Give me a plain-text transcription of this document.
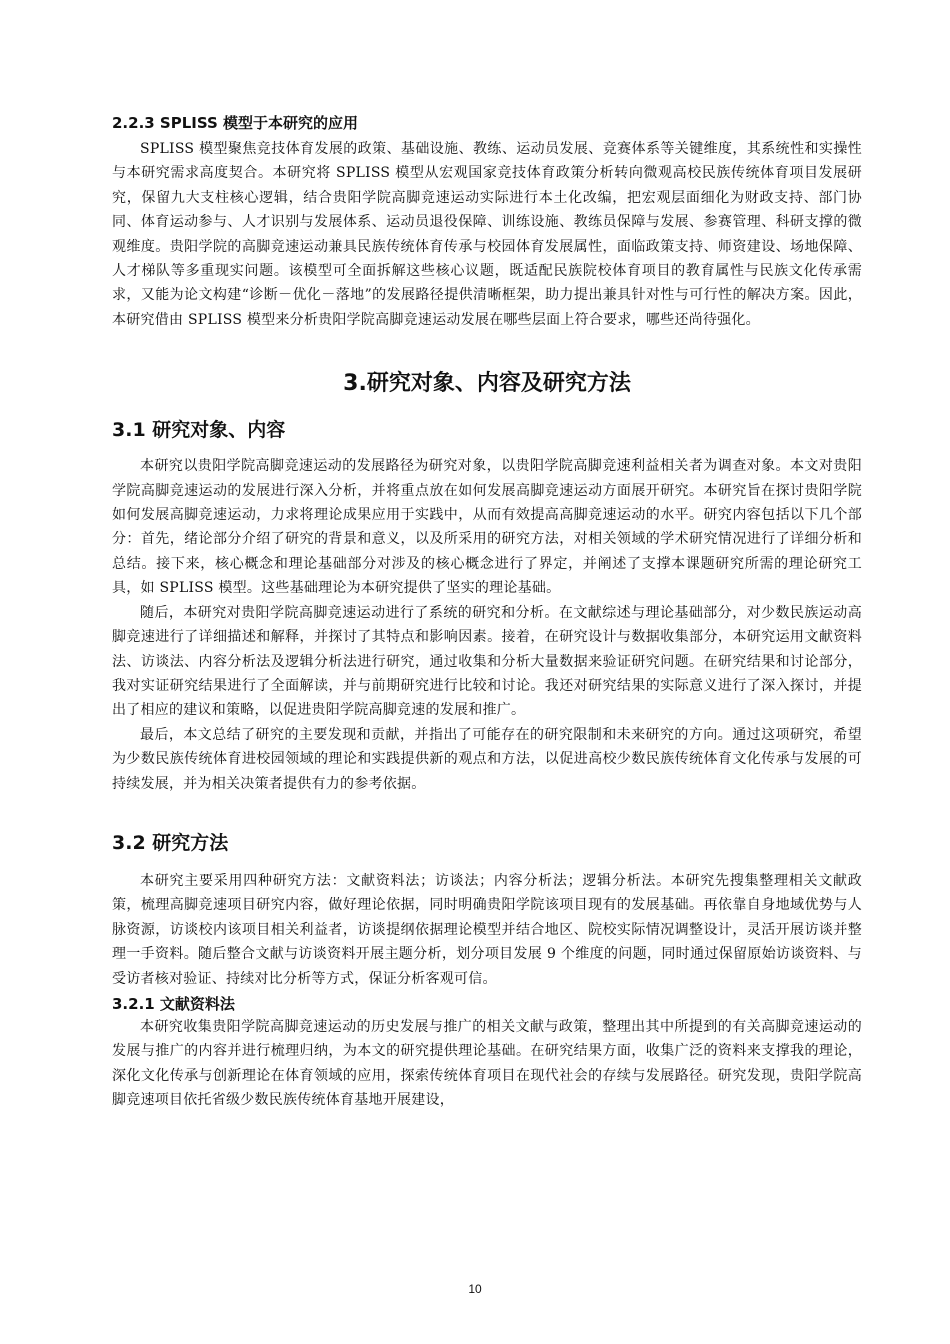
2.2.3 SPLISS 模型于本研究的应用

SPLISS 模型聚焦竞技体育发展的政策、基础设施、教练、运动员发展、竞赛体系等关键维度，其系统性和实操性与本研究需求高度契合。本研究将 SPLISS 模型从宏观国家竞技体育政策分析转向微观高校民族传统体育项目发展研究，保留九大支柱核心逻辑，结合贵阳学院高脚竞速运动实际进行本土化改编，把宏观层面细化为财政支持、部门协同、体育运动参与、人才识别与发展体系、运动员退役保障、训练设施、教练员保障与发展、参赛管理、科研支撑的微观维度。贵阳学院的高脚竞速运动兼具民族传统体育传承与校园体育发展属性，面临政策支持、师资建设、场地保障、人才梯队等多重现实问题。该模型可全面拆解这些核心议题，既适配民族院校体育项目的教育属性与民族文化传承需求，又能为论文构建“诊断－优化－落地”的发展路径提供清晰框架，助力提出兼具针对性与可行性的解决方案。因此，本研究借由 SPLISS 模型来分析贵阳学院高脚竞速运动发展在哪些层面上符合要求，哪些还尚待强化。

3.研究对象、内容及研究方法
3.1 研究对象、内容

本研究以贵阳学院高脚竞速运动的发展路径为研究对象，以贵阳学院高脚竞速利益相关者为调查对象。本文对贵阳学院高脚竞速运动的发展进行深入分析，并将重点放在如何发展高脚竞速运动方面展开研究。本研究旨在探讨贵阳学院如何发展高脚竞速运动，力求将理论成果应用于实践中，从而有效提高高脚竞速运动的水平。研究内容包括以下几个部分：首先，绪论部分介绍了研究的背景和意义，以及所采用的研究方法，对相关领域的学术研究情况进行了详细分析和总结。接下来，核心概念和理论基础部分对涉及的核心概念进行了界定，并阐述了支撑本课题研究所需的理论研究工具，如 SPLISS 模型。这些基础理论为本研究提供了坚实的理论基础。

随后，本研究对贵阳学院高脚竞速运动进行了系统的研究和分析。在文献综述与理论基础部分，对少数民族运动高脚竞速进行了详细描述和解释，并探讨了其特点和影响因素。接着，在研究设计与数据收集部分，本研究运用文献资料法、访谈法、内容分析法及逻辑分析法进行研究，通过收集和分析大量数据来验证研究问题。在研究结果和讨论部分，我对实证研究结果进行了全面解读，并与前期研究进行比较和讨论。我还对研究结果的实际意义进行了深入探讨，并提出了相应的建议和策略，以促进贵阳学院高脚竞速的发展和推广。

最后，本文总结了研究的主要发现和贡献，并指出了可能存在的研究限制和未来研究的方向。通过这项研究，希望为少数民族传统体育进校园领域的理论和实践提供新的观点和方法，以促进高校少数民族传统体育文化传承与发展的可持续发展，并为相关决策者提供有力的参考依据。

3.2 研究方法

本研究主要采用四种研究方法：文献资料法；访谈法；内容分析法；逻辑分析法。本研究先搜集整理相关文献政策，梳理高脚竞速项目研究内容，做好理论依据，同时明确贵阳学院该项目现有的发展基础。再依靠自身地域优势与人脉资源，访谈校内该项目相关利益者，访谈提纲依据理论模型并结合地区、院校实际情况调整设计，灵活开展访谈并整理一手资料。随后整合文献与访谈资料开展主题分析，划分项目发展 9 个维度的问题，同时通过保留原始访谈资料、与受访者核对验证、持续对比分析等方式，保证分析客观可信。

3.2.1 文献资料法

本研究收集贵阳学院高脚竞速运动的历史发展与推广的相关文献与政策，整理出其中所提到的有关高脚竞速运动的发展与推广的内容并进行梳理归纳，为本文的研究提供理论基础。在研究结果方面，收集广泛的资料来支撑我的理论，深化文化传承与创新理论在体育领域的应用，探索传统体育项目在现代社会的存续与发展路径。研究发现，贵阳学院高脚竞速项目依托省级少数民族传统体育基地开展建设，

10
